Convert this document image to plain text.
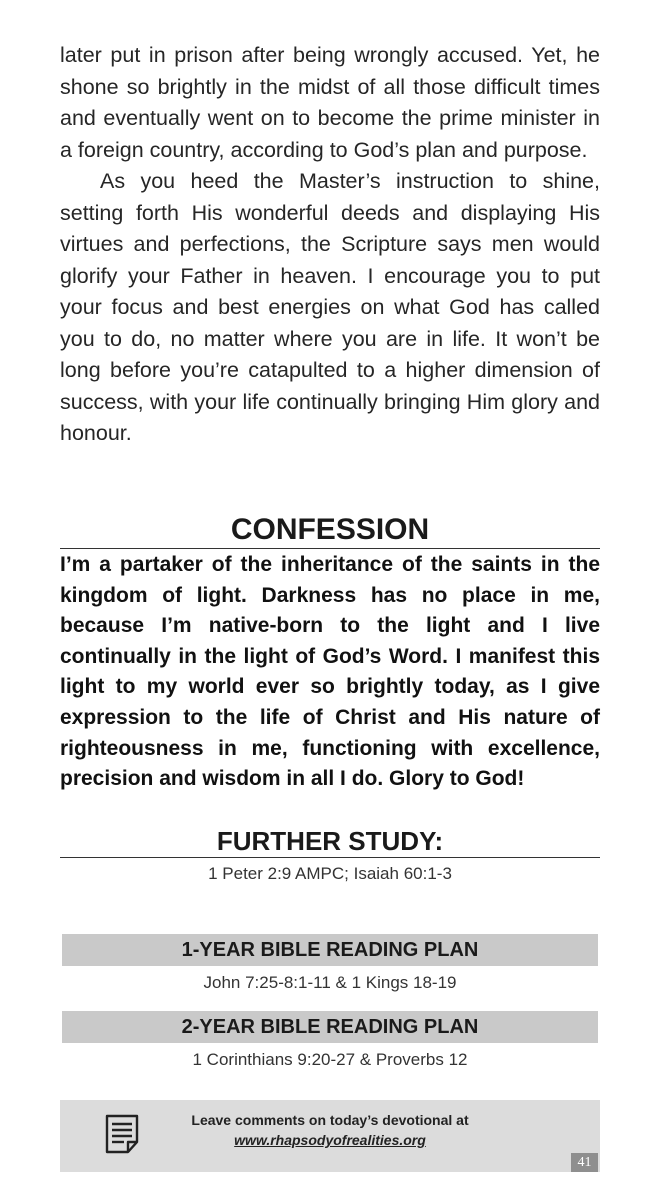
later put in prison after being wrongly accused. Yet, he shone so brightly in the midst of all those difficult times and eventually went on to become the prime minister in a foreign country, according to God’s plan and purpose.

As you heed the Master’s instruction to shine, setting forth His wonderful deeds and displaying His virtues and perfections, the Scripture says men would glorify your Father in heaven. I encourage you to put your focus and best energies on what God has called you to do, no matter where you are in life. It won’t be long before you’re catapulted to a higher dimension of success, with your life continually bringing Him glory and honour.

CONFESSION

I’m a partaker of the inheritance of the saints in the kingdom of light. Darkness has no place in me, because I’m native-born to the light and I live continually in the light of God’s Word. I manifest this light to my world ever so brightly today, as I give expression to the life of Christ and His nature of righteousness in me, functioning with excellence, precision and wisdom in all I do. Glory to God!

FURTHER STUDY:
1 Peter 2:9 AMPC; Isaiah 60:1-3
1-YEAR BIBLE READING PLAN
John 7:25-8:1-11 & 1 Kings 18-19
2-YEAR BIBLE READING PLAN
1 Corinthians 9:20-27 & Proverbs 12
Leave comments on today’s devotional at
www.rhapsodyofrealities.org
41
